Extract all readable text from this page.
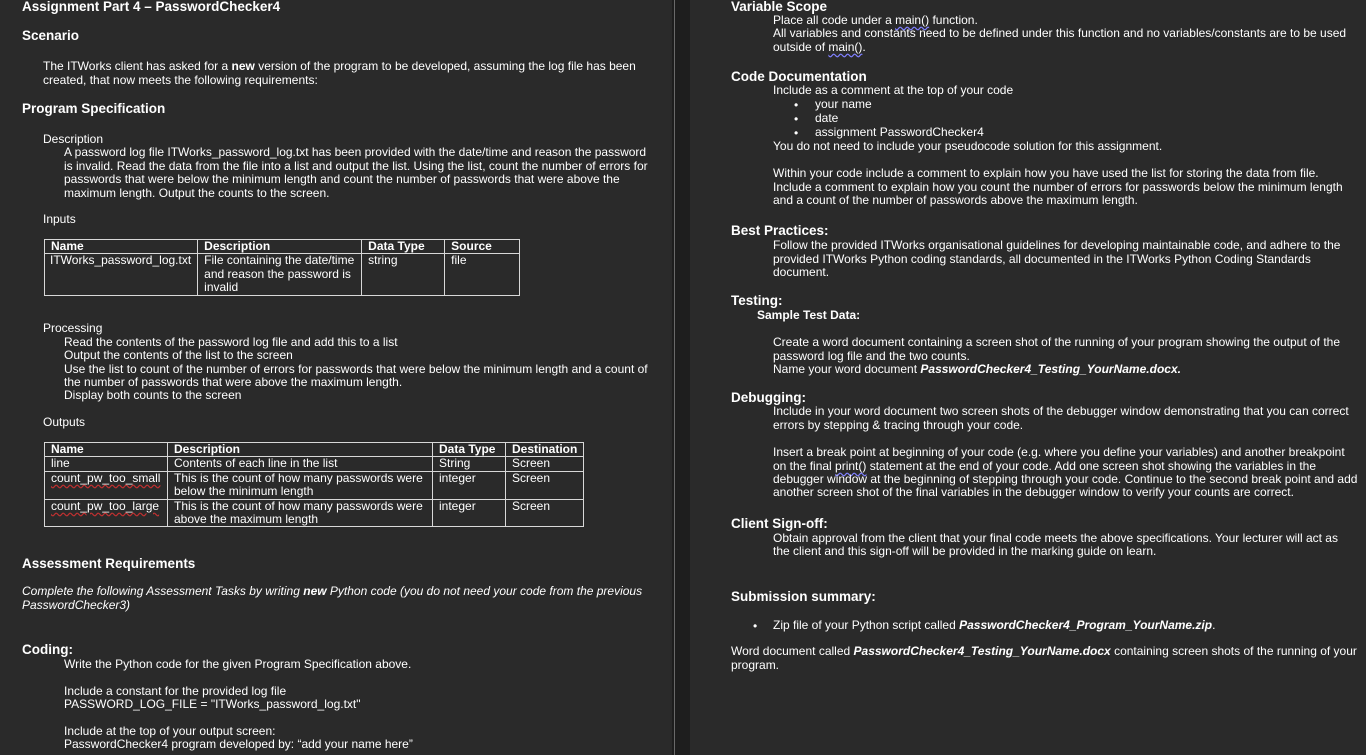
Assignment Part 4 – PasswordChecker4
Scenario
The ITWorks client has asked for a new version of the program to be developed, assuming the log file has been
created, that now meets the following requirements:
Program Specification
Description
A password log file ITWorks_password_log.txt has been provided with the date/time and reason the password
is invalid. Read the data from the file into a list and output the list. Using the list, count the number of errors for
passwords that were below the minimum length and count the number of passwords that were above the
maximum length. Output the counts to the screen.
Inputs
Name	Description	Data Type	Source
ITWorks_password_log.txt	File containing the date/time and reason the password is invalid	string	file
Processing
Read the contents of the password log file and add this to a list
Output the contents of the list to the screen
Use the list to count of the number of errors for passwords that were below the minimum length and a count of
the number of passwords that were above the maximum length.
Display both counts to the screen
Outputs
Name	Description	Data Type	Destination
line	Contents of each line in the list	String	Screen
count_pw_too_small	This is the count of how many passwords were below the minimum length	integer	Screen
count_pw_too_large	This is the count of how many passwords were above the maximum length	integer	Screen
Assessment Requirements
Complete the following Assessment Tasks by writing new Python code (you do not need your code from the previous
PasswordChecker3)
Coding:
Write the Python code for the given Program Specification above.
Include a constant for the provided log file
PASSWORD_LOG_FILE = "ITWorks_password_log.txt"
Include at the top of your output screen:
PasswordChecker4 program developed by: “add your name here”
Variable Scope
Place all code under a main() function.
All variables and constants need to be defined under this function and no variables/constants are to be used
outside of main().
Code Documentation
Include as a comment at the top of your code
• your name
• date
• assignment PasswordChecker4
You do not need to include your pseudocode solution for this assignment.
Within your code include a comment to explain how you have used the list for storing the data from file.
Include a comment to explain how you count the number of errors for passwords below the minimum length
and a count of the number of passwords above the maximum length.
Best Practices:
Follow the provided ITWorks organisational guidelines for developing maintainable code, and adhere to the
provided ITWorks Python coding standards, all documented in the ITWorks Python Coding Standards
document.
Testing:
Sample Test Data:
Create a word document containing a screen shot of the running of your program showing the output of the
password log file and the two counts.
Name your word document PasswordChecker4_Testing_YourName.docx.
Debugging:
Include in your word document two screen shots of the debugger window demonstrating that you can correct
errors by stepping & tracing through your code.
Insert a break point at beginning of your code (e.g. where you define your variables) and another breakpoint
on the final print() statement at the end of your code. Add one screen shot showing the variables in the
debugger window at the beginning of stepping through your code. Continue to the second break point and add
another screen shot of the final variables in the debugger window to verify your counts are correct.
Client Sign-off:
Obtain approval from the client that your final code meets the above specifications. Your lecturer will act as
the client and this sign-off will be provided in the marking guide on learn.
Submission summary:
• Zip file of your Python script called PasswordChecker4_Program_YourName.zip.
Word document called PasswordChecker4_Testing_YourName.docx containing screen shots of the running of your
program.
